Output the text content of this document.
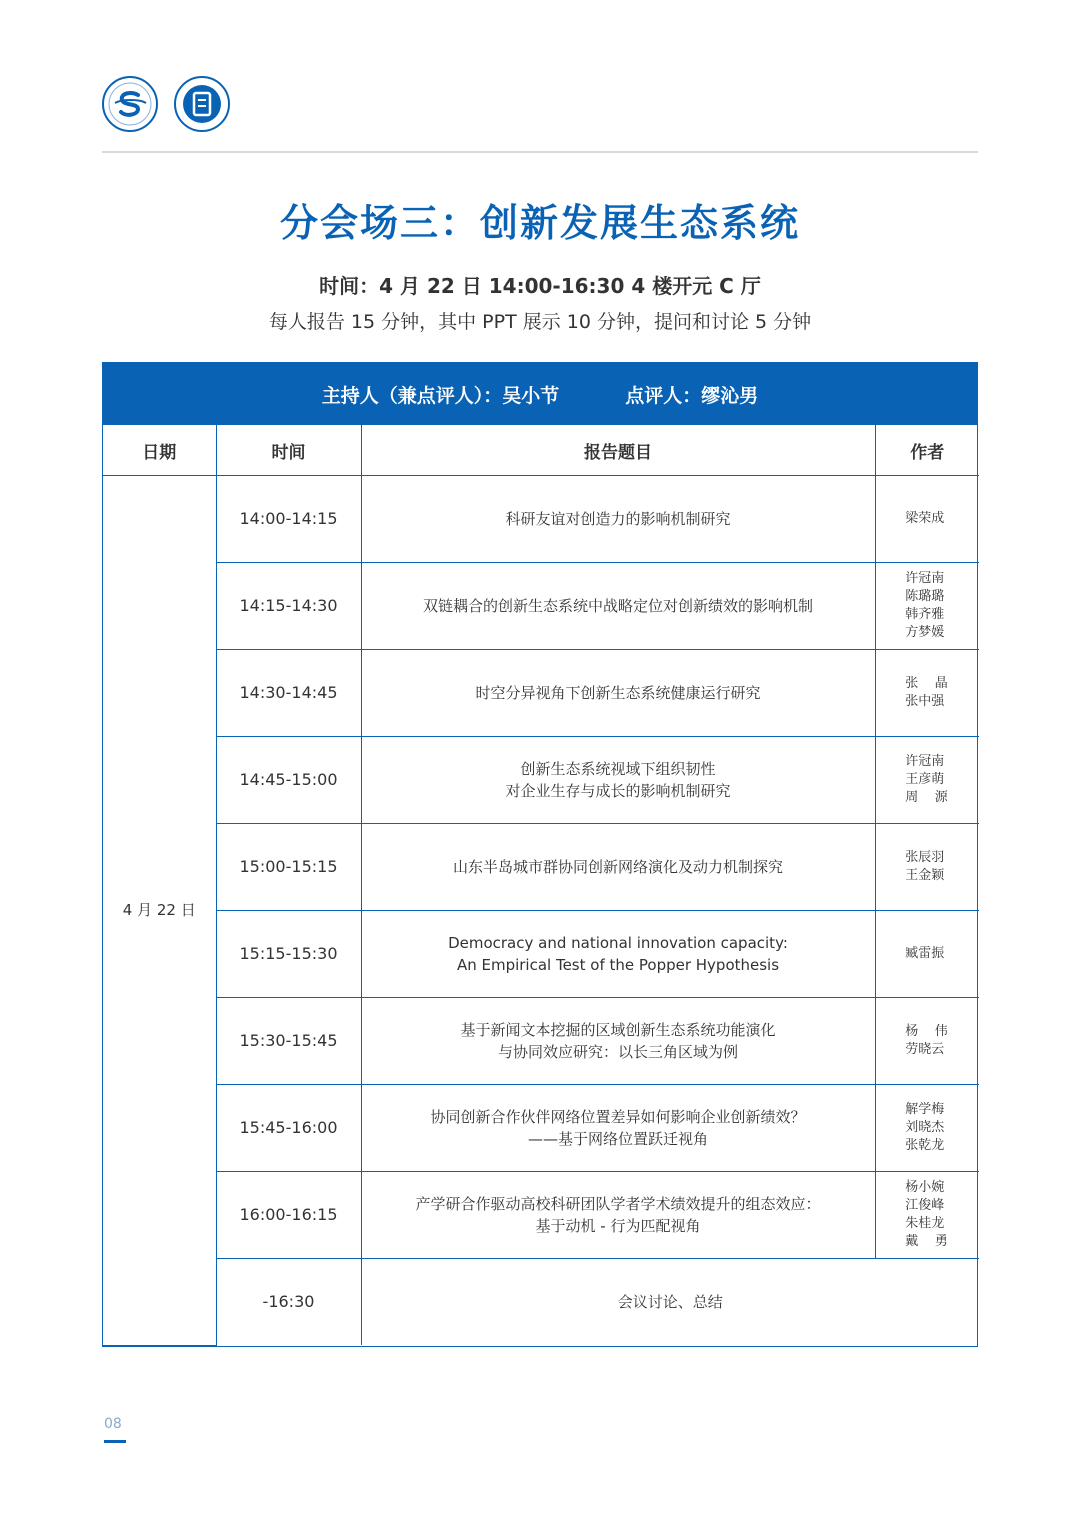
分会场三：创新发展生态系统
时间：4 月 22 日 14:00-16:30 4 楼开元 C 厅
每人报告 15 分钟，其中 PPT 展示 10 分钟，提问和讨论 5 分钟
主持人（兼点评人）：吴小节	点评人：缪沁男
日期	时间	报告题目	作者
4 月 22 日	14:00-14:15	科研友谊对创造力的影响机制研究	梁荣成

	14:15-14:30	双链耦合的创新生态系统中战略定位对创新绩效的影响机制	许冠南
陈璐璐
韩齐雅
方梦媛

	14:30-14:45	时空分异视角下创新生态系统健康运行研究	张    晶
张中强

	14:45-15:00	创新生态系统视域下组织韧性
对企业生存与成长的影响机制研究	许冠南
王彦萌
周    源

	15:00-15:15	山东半岛城市群协同创新网络演化及动力机制探究	张辰羽
王金颖

	15:15-15:30	Democracy and national innovation capacity:
An Empirical Test of the Popper Hypothesis	臧雷振

	15:30-15:45	基于新闻文本挖掘的区域创新生态系统功能演化
与协同效应研究：以长三角区域为例	杨    伟
劳晓云

	15:45-16:00	协同创新合作伙伴网络位置差异如何影响企业创新绩效？
——基于网络位置跃迁视角	解学梅
刘晓杰
张乾龙

	16:00-16:15	产学研合作驱动高校科研团队学者学术绩效提升的组态效应：
基于动机 - 行为匹配视角	杨小婉
江俊峰
朱桂龙
戴    勇

	-16:30	会议讨论、总结	
08
